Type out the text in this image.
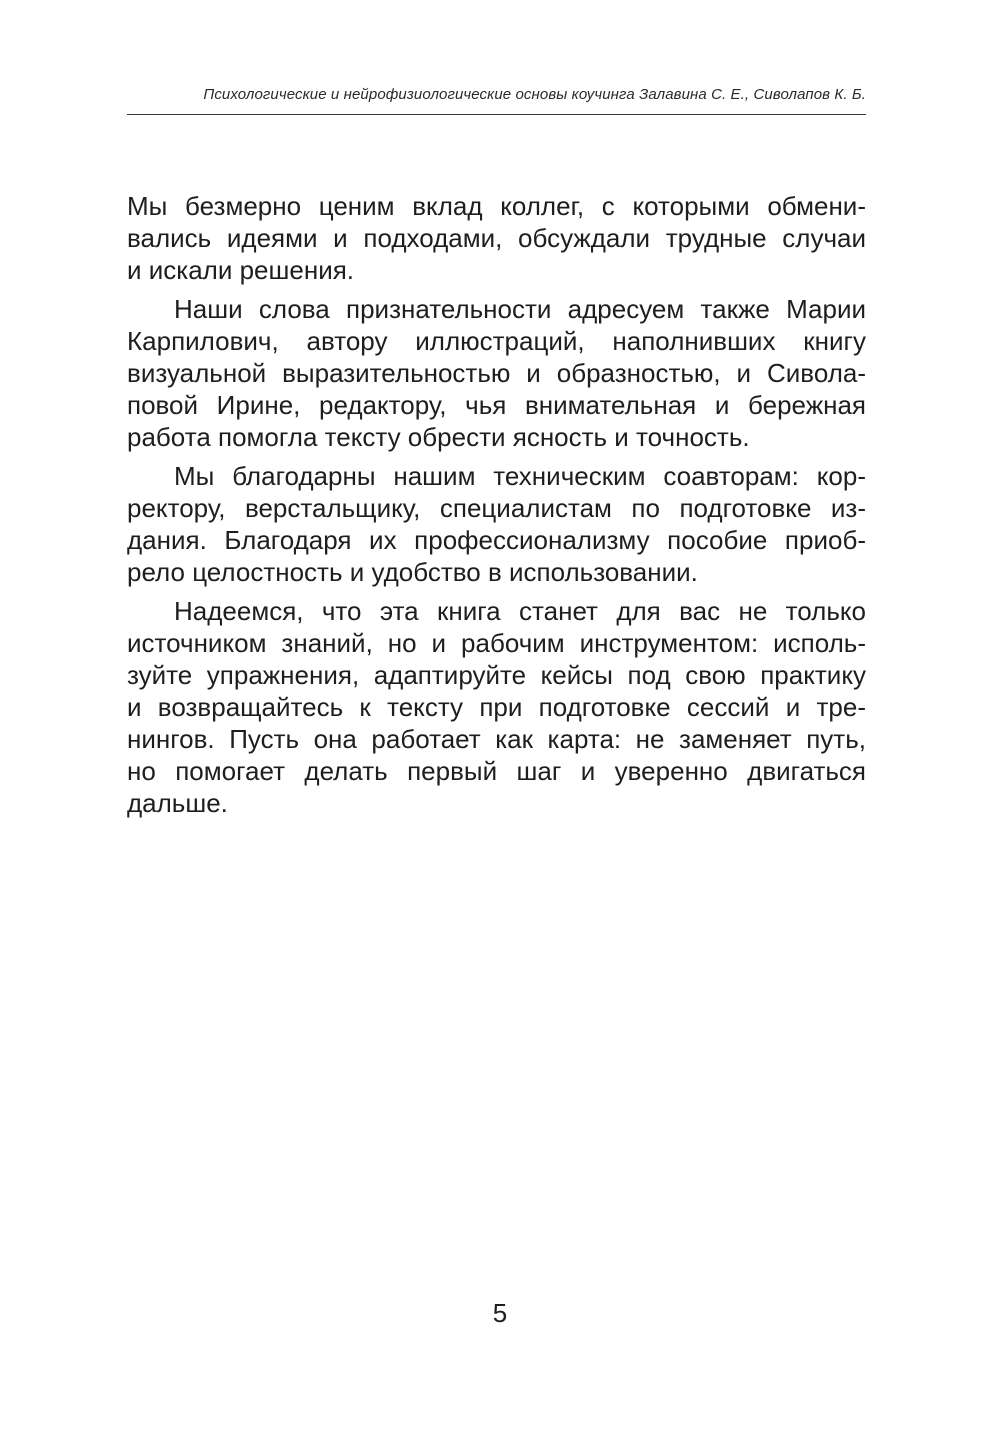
Психологические и нейрофизиологические основы коучинга Залавина С. Е., Сиволапов К. Б.
Мы безмерно ценим вклад коллег, с которыми обмени-
вались идеями и подходами, обсуждали трудные случаи
и искали решения.
Наши слова признательности адресуем также Марии
Карпилович, автору иллюстраций, наполнивших книгу
визуальной выразительностью и образностью, и Сивола-
повой Ирине, редактору, чья внимательная и бережная
работа помогла тексту обрести ясность и точность.
Мы благодарны нашим техническим соавторам: кор-
ректору, верстальщику, специалистам по подготовке из-
дания. Благодаря их профессионализму пособие приоб-
рело целостность и удобство в использовании.
Надеемся, что эта книга станет для вас не только
источником знаний, но и рабочим инструментом: исполь-
зуйте упражнения, адаптируйте кейсы под свою практику
и возвращайтесь к тексту при подготовке сессий и тре-
нингов. Пусть она работает как карта: не заменяет путь,
но помогает делать первый шаг и уверенно двигаться
дальше.
5
